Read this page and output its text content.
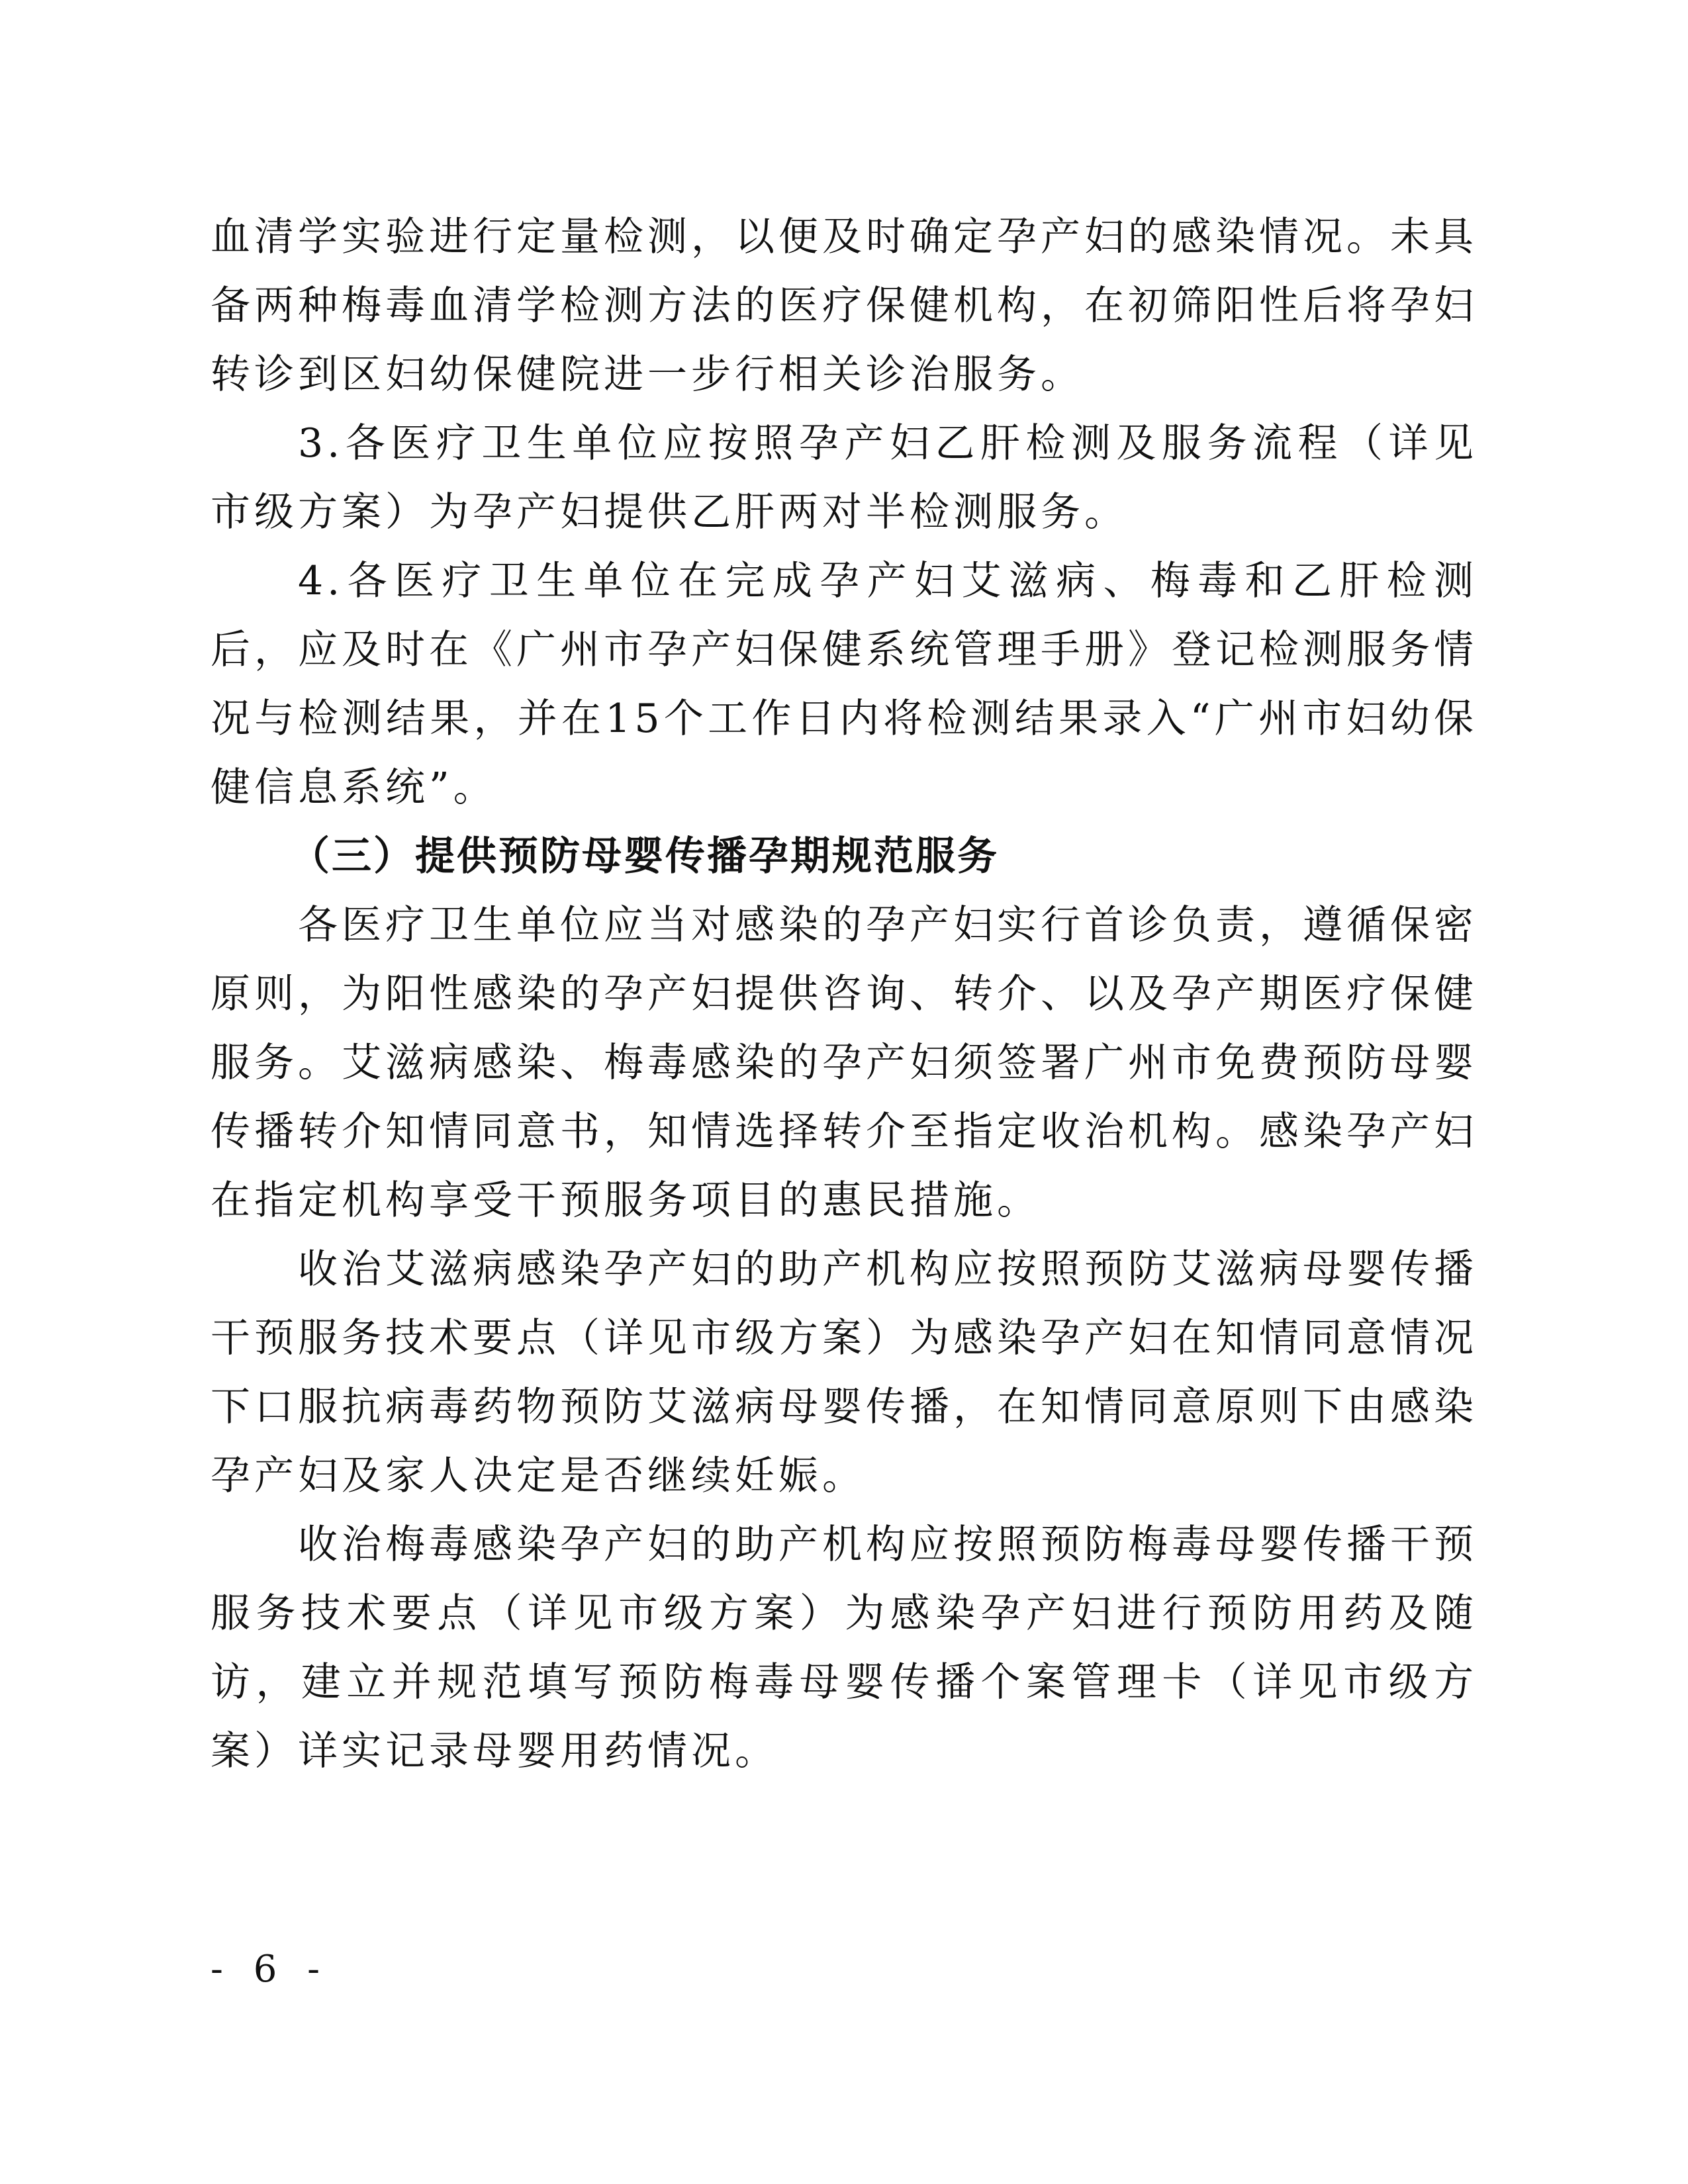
血清学实验进行定量检测，以便及时确定孕产妇的感染情况。未具备两种梅毒血清学检测方法的医疗保健机构，在初筛阳性后将孕妇转诊到区妇幼保健院进一步行相关诊治服务。

3.各医疗卫生单位应按照孕产妇乙肝检测及服务流程（详见市级方案）为孕产妇提供乙肝两对半检测服务。

4.各医疗卫生单位在完成孕产妇艾滋病、梅毒和乙肝检测后，应及时在《广州市孕产妇保健系统管理手册》登记检测服务情况与检测结果，并在15个工作日内将检测结果录入“广州市妇幼保健信息系统”。

（三）提供预防母婴传播孕期规范服务

各医疗卫生单位应当对感染的孕产妇实行首诊负责，遵循保密原则，为阳性感染的孕产妇提供咨询、转介、以及孕产期医疗保健服务。艾滋病感染、梅毒感染的孕产妇须签署广州市免费预防母婴传播转介知情同意书，知情选择转介至指定收治机构。感染孕产妇在指定机构享受干预服务项目的惠民措施。

收治艾滋病感染孕产妇的助产机构应按照预防艾滋病母婴传播干预服务技术要点（详见市级方案）为感染孕产妇在知情同意情况下口服抗病毒药物预防艾滋病母婴传播，在知情同意原则下由感染孕产妇及家人决定是否继续妊娠。

收治梅毒感染孕产妇的助产机构应按照预防梅毒母婴传播干预服务技术要点（详见市级方案）为感染孕产妇进行预防用药及随访，建立并规范填写预防梅毒母婴传播个案管理卡（详见市级方案）详实记录母婴用药情况。

- 6 -
